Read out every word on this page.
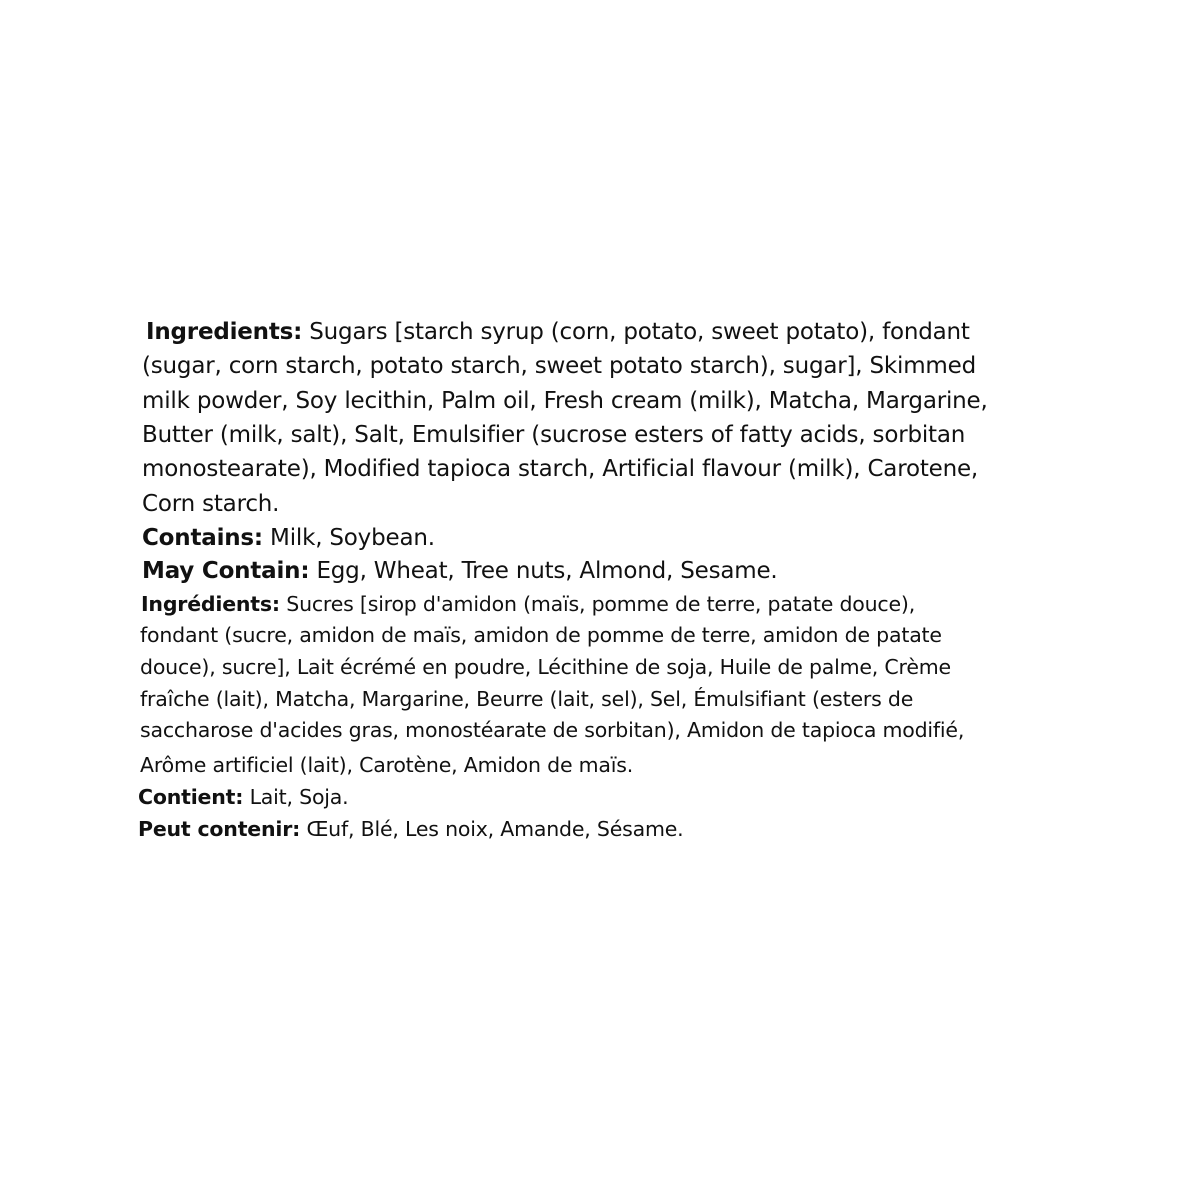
Ingredients: Sugars [starch syrup (corn, potato, sweet potato), fondant
(sugar, corn starch, potato starch, sweet potato starch), sugar], Skimmed
milk powder, Soy lecithin, Palm oil, Fresh cream (milk), Matcha, Margarine,
Butter (milk, salt), Salt, Emulsifier (sucrose esters of fatty acids, sorbitan
monostearate), Modified tapioca starch, Artificial flavour (milk), Carotene,
Corn starch.
Contains: Milk, Soybean.
May Contain: Egg, Wheat, Tree nuts, Almond, Sesame.
Ingrédients: Sucres [sirop d'amidon (maïs, pomme de terre, patate douce),
fondant (sucre, amidon de maïs, amidon de pomme de terre, amidon de patate
douce), sucre], Lait écrémé en poudre, Lécithine de soja, Huile de palme, Crème
fraîche (lait), Matcha, Margarine, Beurre (lait, sel), Sel, Émulsifiant (esters de
saccharose d'acides gras, monostéarate de sorbitan), Amidon de tapioca modifié,
Arôme artificiel (lait), Carotène, Amidon de maïs.
Contient: Lait, Soja.
Peut contenir: Œuf, Blé, Les noix, Amande, Sésame.
